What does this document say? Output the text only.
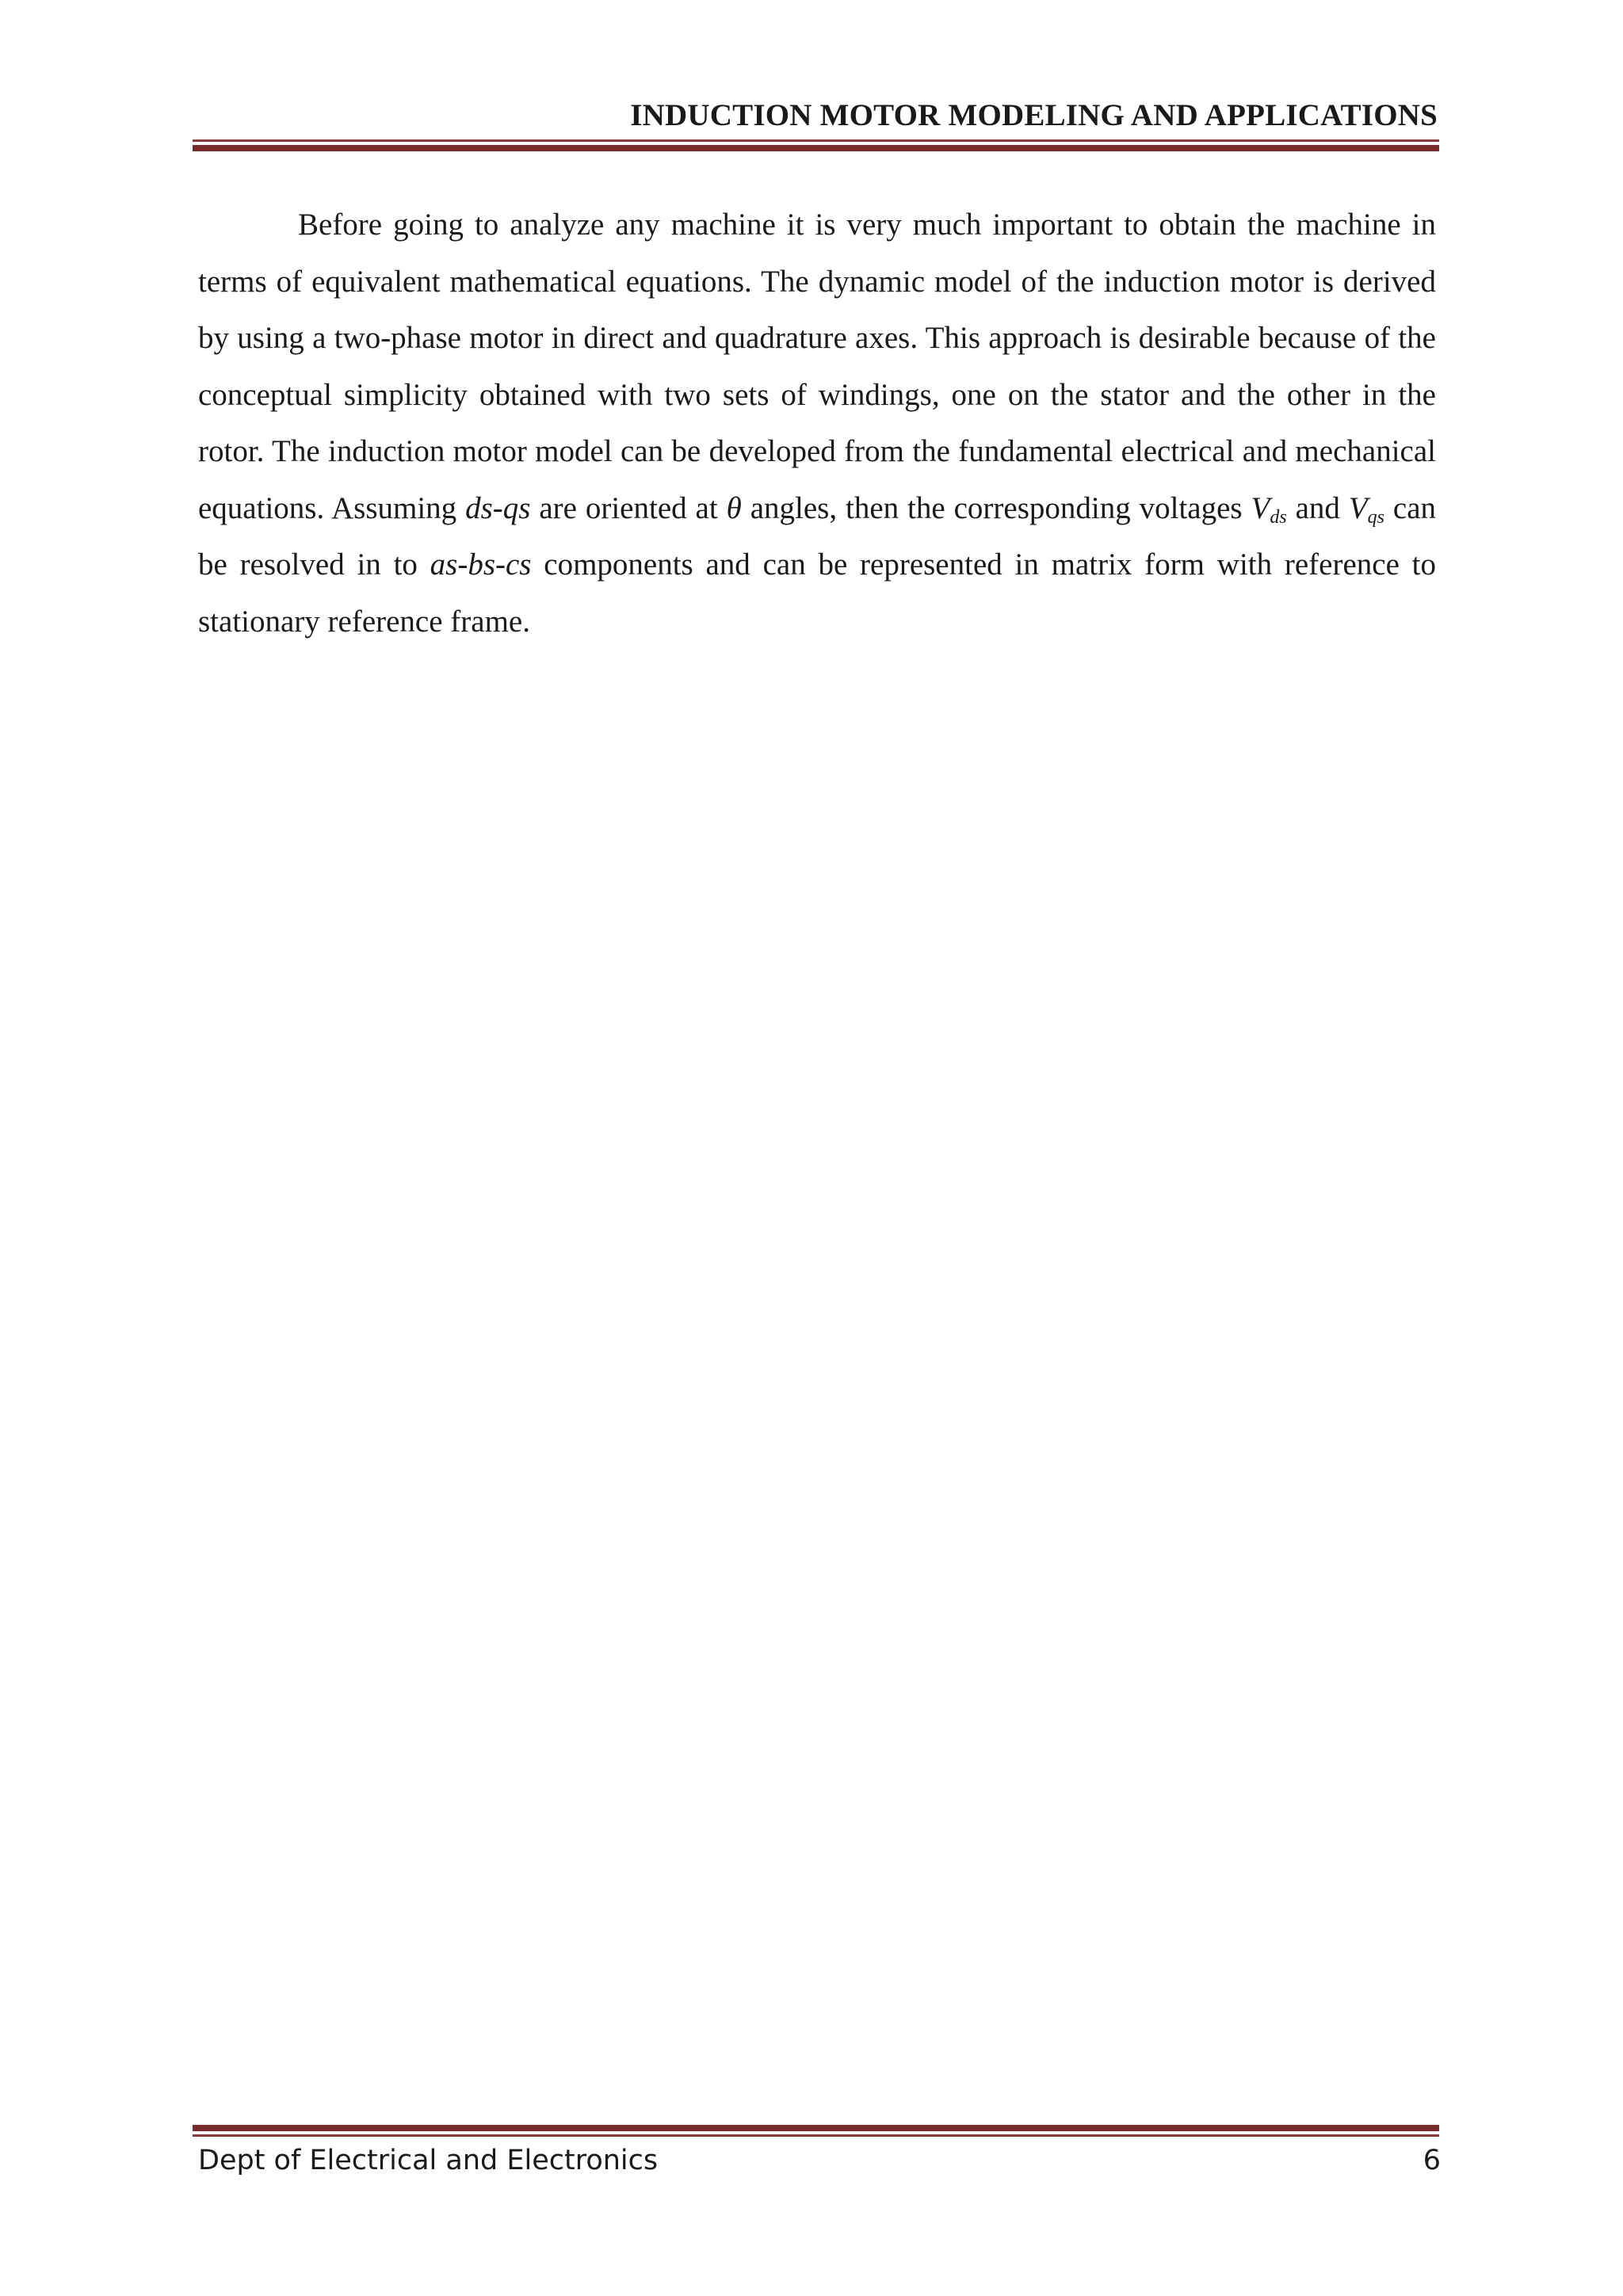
INDUCTION MOTOR MODELING AND APPLICATIONS

Before going to analyze any machine it is very much important to obtain the machine in terms of equivalent mathematical equations. The dynamic model of the induction motor is derived by using a two-phase motor in direct and quadrature axes. This approach is desirable because of the conceptual simplicity obtained with two sets of windings, one on the stator and the other in the rotor. The induction motor model can be developed from the fundamental electrical and mechanical equations. Assuming ds-qs are oriented at θ angles, then the corresponding voltages $V_{ds}$ and $V_{qs}$ can be resolved in to as-bs-cs components and can be represented in matrix form with reference to stationary reference frame.

Dept of Electrical and Electronics	6
